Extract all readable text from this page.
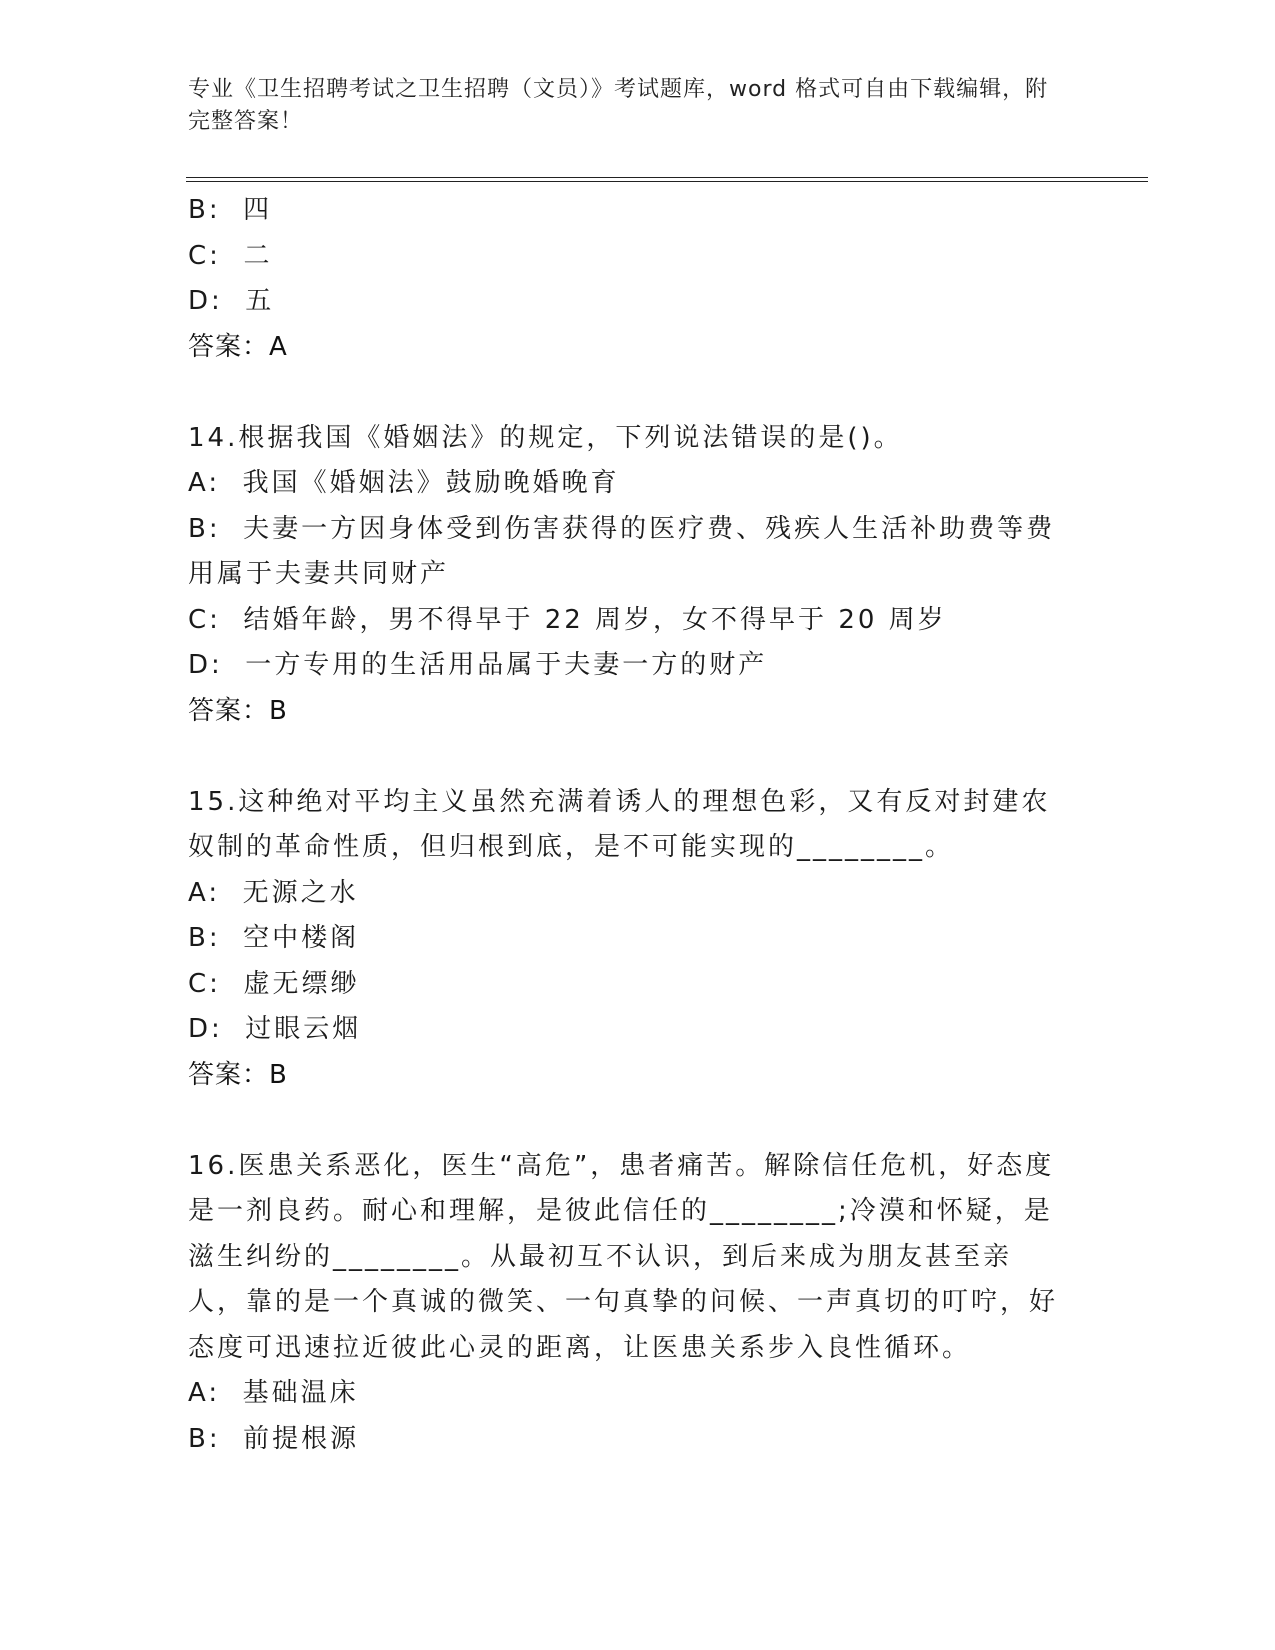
专业《卫生招聘考试之卫生招聘（文员）》考试题库，word 格式可自由下载编辑，附完整答案！
B:  四
C:  二
D:  五
答案：A
14.根据我国《婚姻法》的规定，下列说法错误的是()。
A:  我国《婚姻法》鼓励晚婚晚育
B:  夫妻一方因身体受到伤害获得的医疗费、残疾人生活补助费等费用属于夫妻共同财产
C:  结婚年龄，男不得早于 22 周岁，女不得早于 20 周岁
D:  一方专用的生活用品属于夫妻一方的财产
答案：B
15.这种绝对平均主义虽然充满着诱人的理想色彩，又有反对封建农奴制的革命性质，但归根到底，是不可能实现的________。
A:  无源之水
B:  空中楼阁
C:  虚无缥缈
D:  过眼云烟
答案：B
16.医患关系恶化，医生“高危”，患者痛苦。解除信任危机，好态度是一剂良药。耐心和理解，是彼此信任的________;冷漠和怀疑，是滋生纠纷的________。从最初互不认识，到后来成为朋友甚至亲人，靠的是一个真诚的微笑、一句真挚的问候、一声真切的叮咛，好态度可迅速拉近彼此心灵的距离，让医患关系步入良性循环。
A:  基础温床
B:  前提根源
